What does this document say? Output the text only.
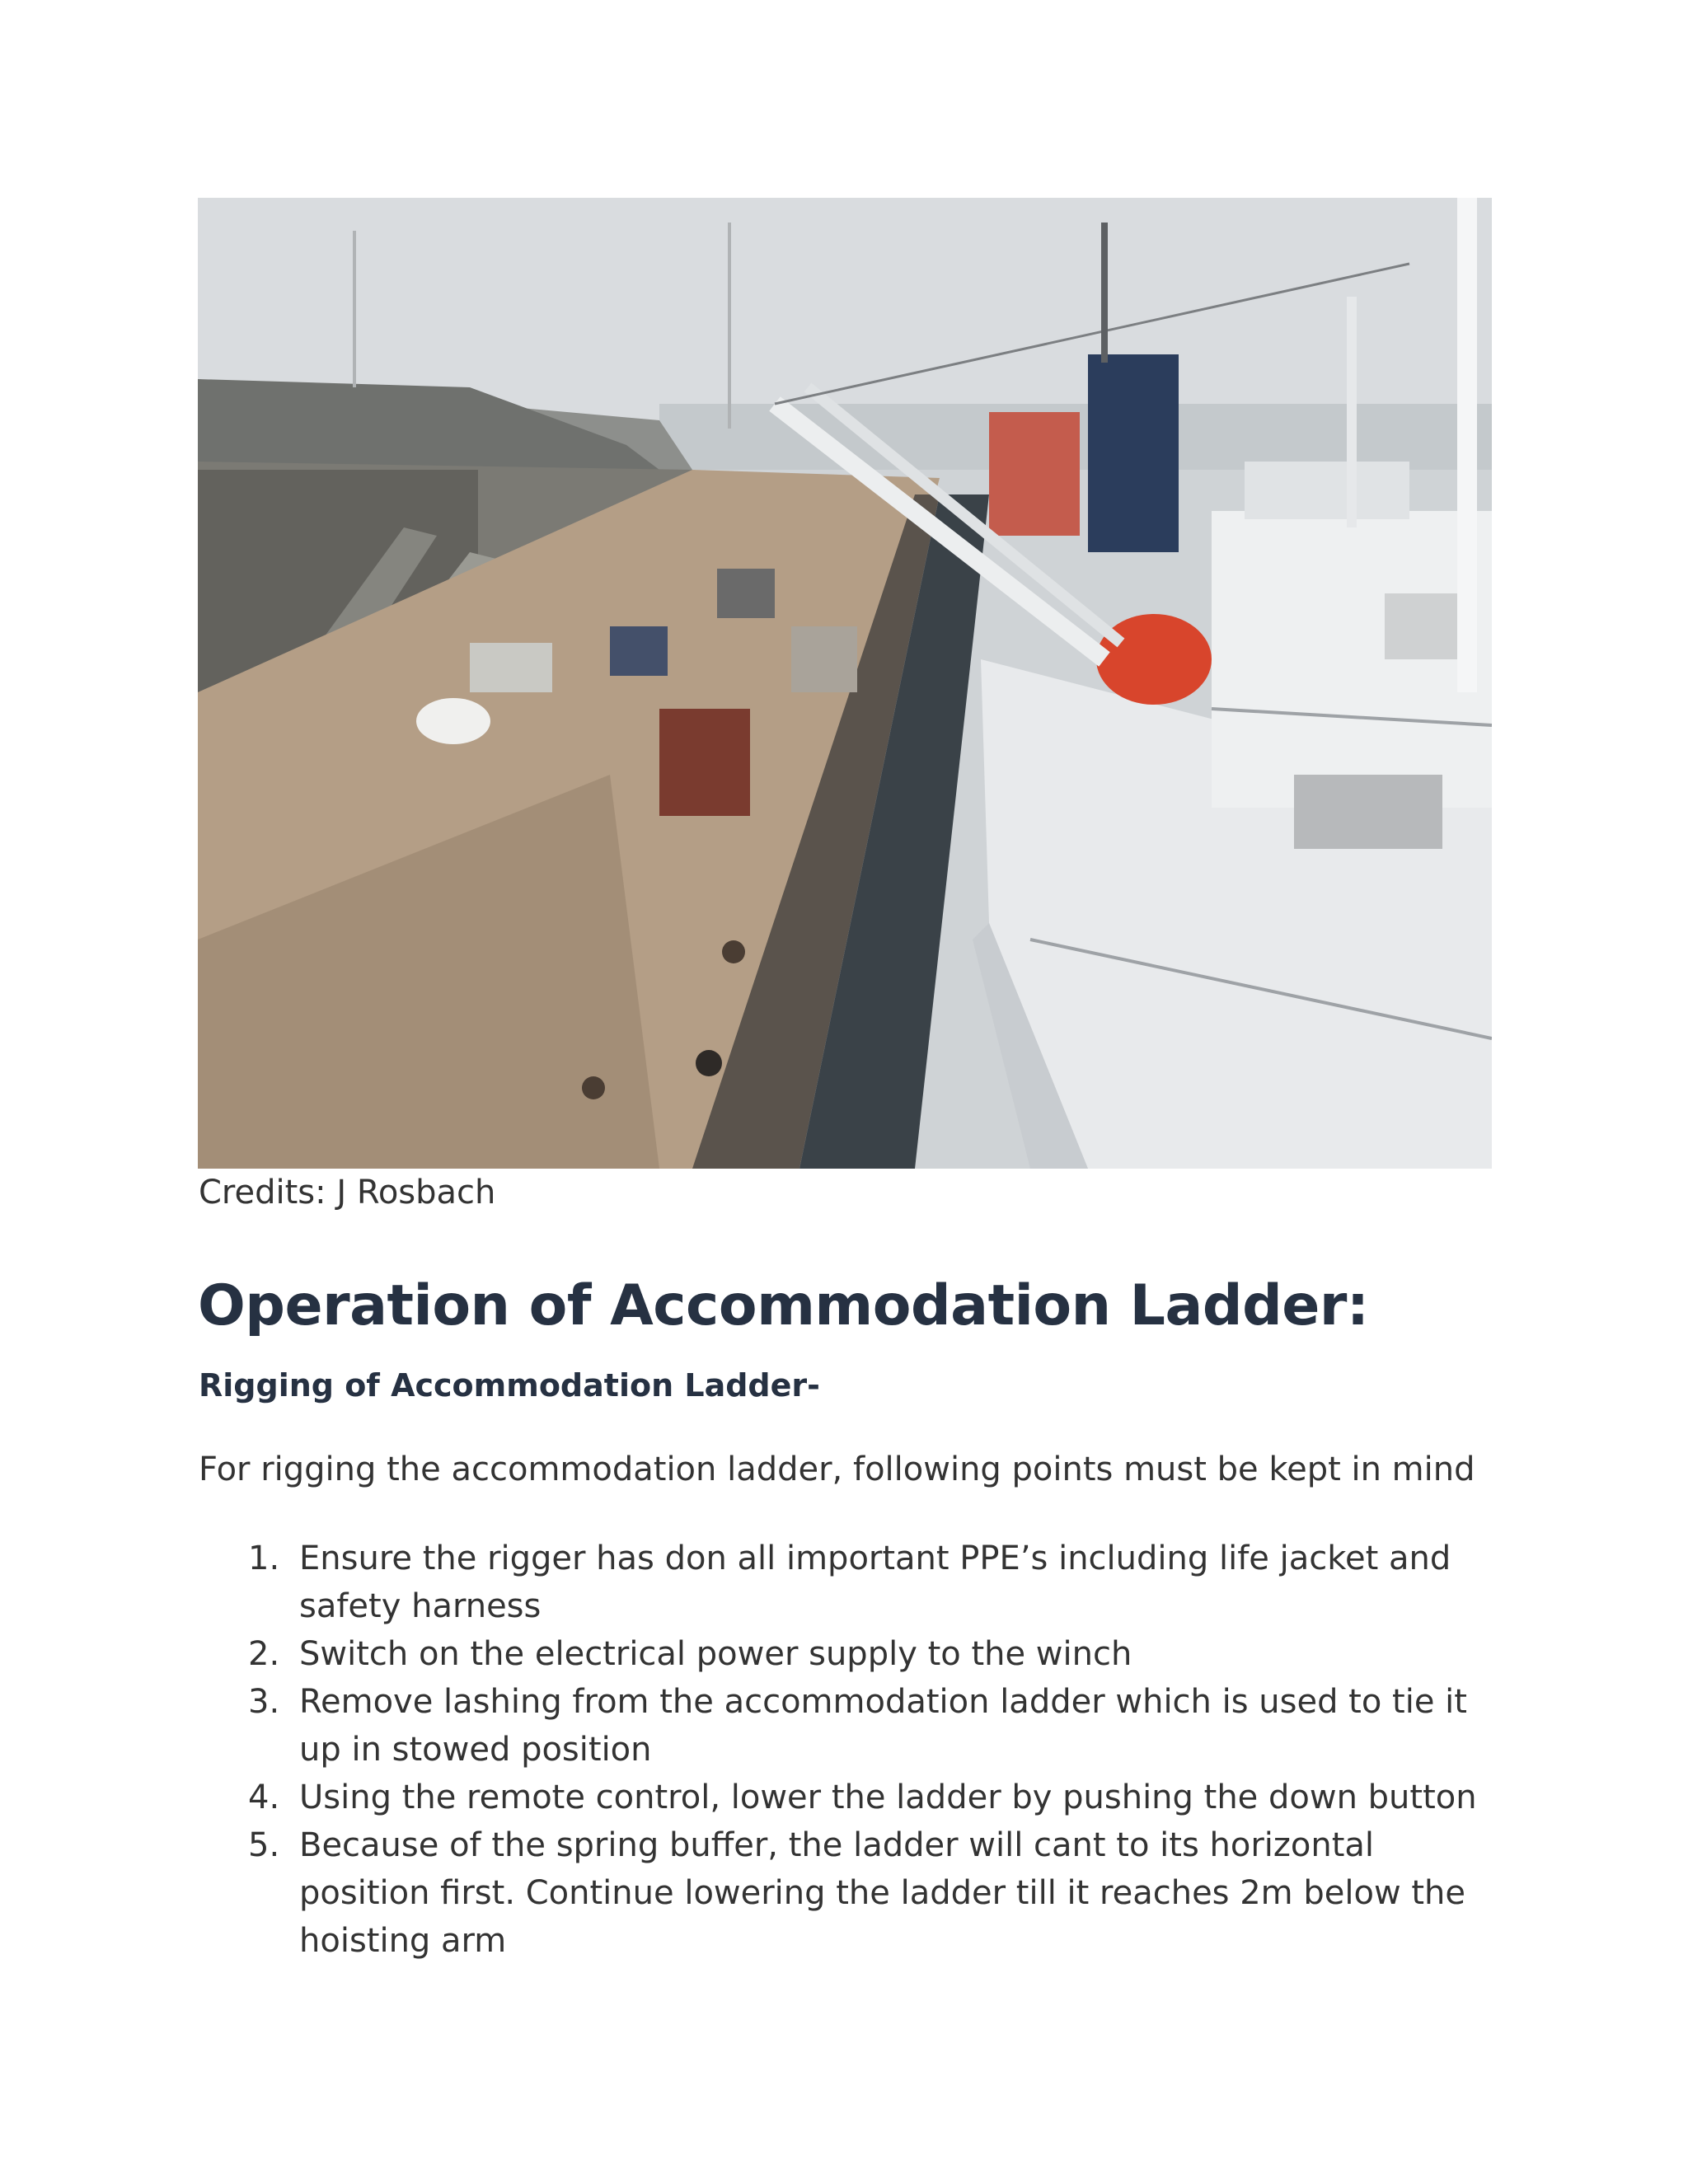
Credits: J Rosbach
Operation of Accommodation Ladder:
Rigging of Accommodation Ladder-

For rigging the accommodation ladder, following points must be kept in mind

1. Ensure the rigger has don all important PPE’s including life jacket and safety harness
2. Switch on the electrical power supply to the winch
3. Remove lashing from the accommodation ladder which is used to tie it up in stowed position
4. Using the remote control, lower the ladder by pushing the down button
5. Because of the spring buffer, the ladder will cant to its horizontal position first. Continue lowering the ladder till it reaches 2m below the hoisting arm
